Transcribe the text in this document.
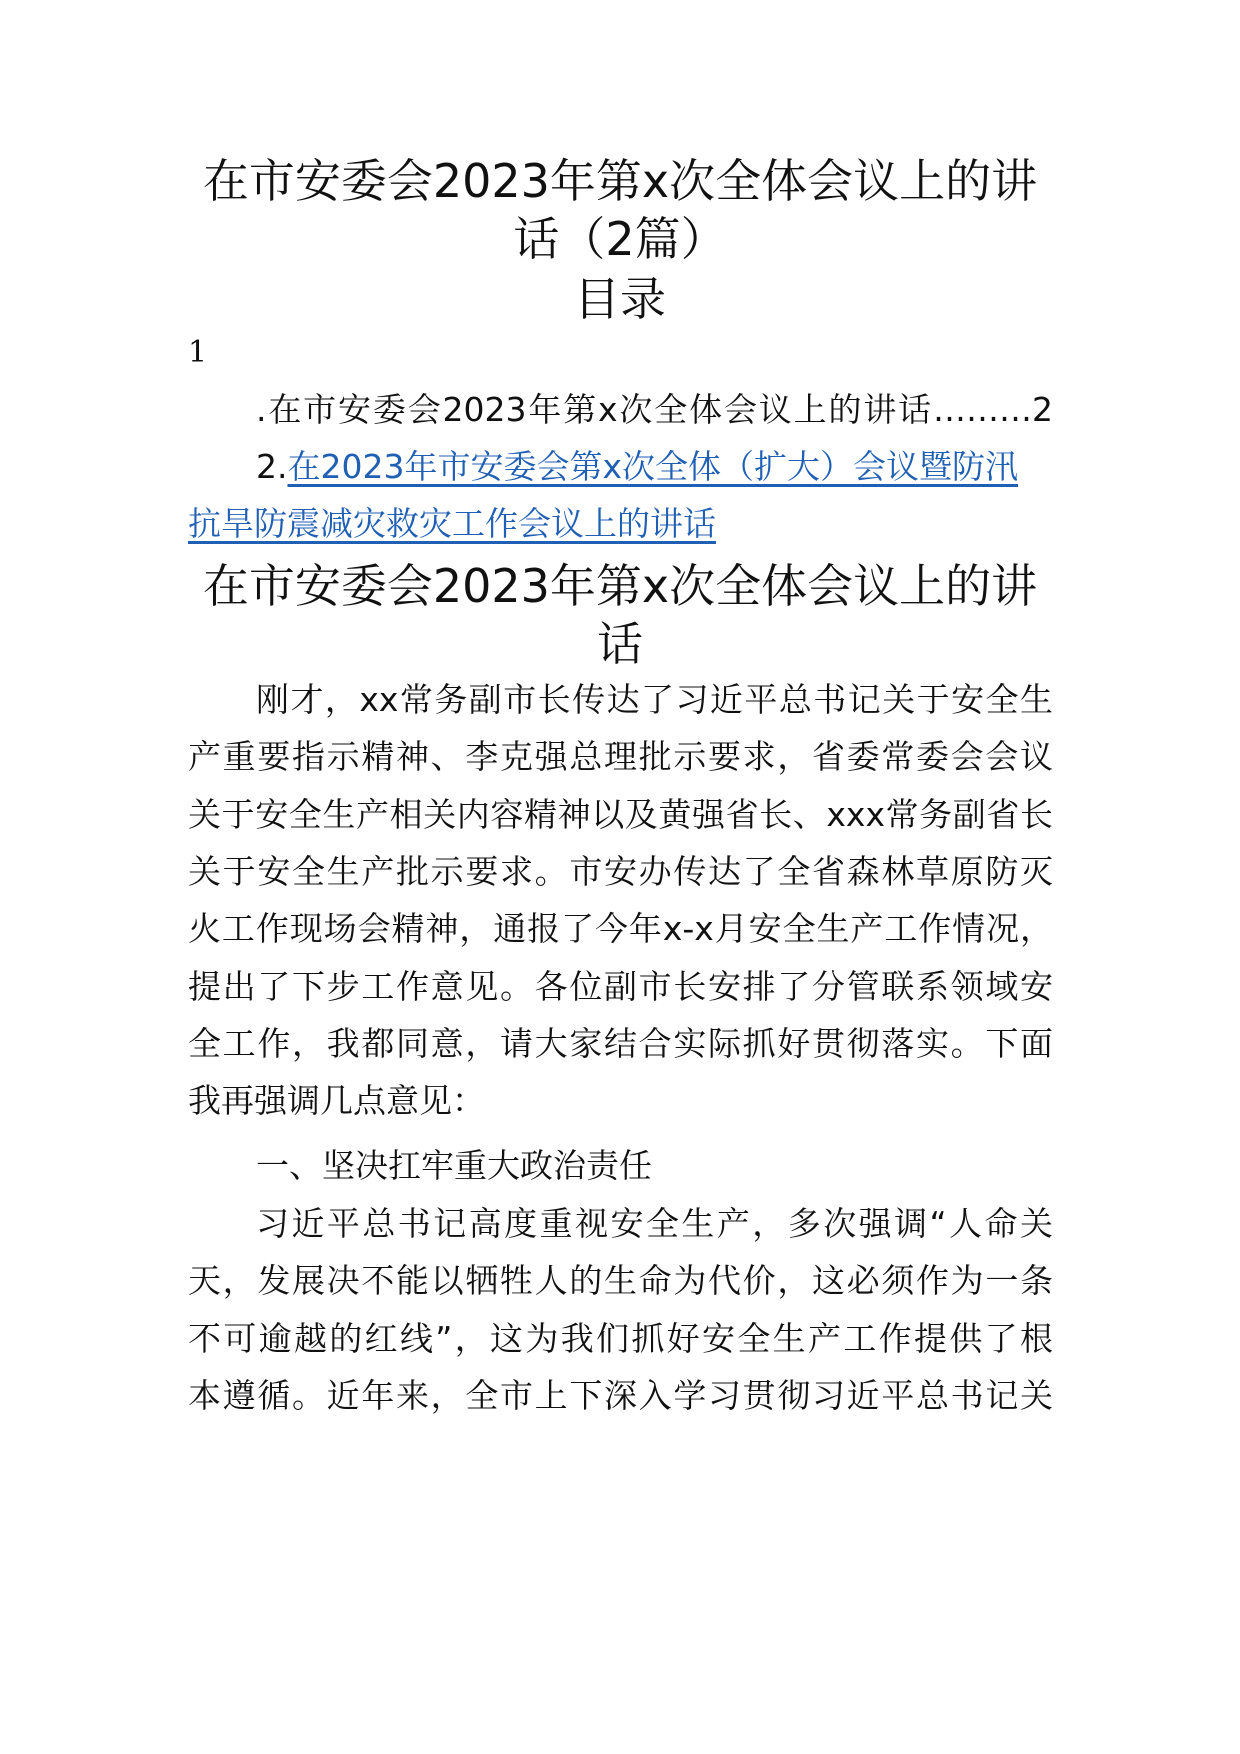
在市安委会2023年第x次全体会议上的讲
话（2篇）
目录
1
.在市安委会2023年第x次全体会议上的讲话………2
2.在2023年市安委会第x次全体（扩大）会议暨防汛
抗旱防震减灾救灾工作会议上的讲话
在市安委会2023年第x次全体会议上的讲
话
刚才，xx常务副市长传达了习近平总书记关于安全生
产重要指示精神、李克强总理批示要求，省委常委会会议
关于安全生产相关内容精神以及黄强省长、xxx常务副省长
关于安全生产批示要求。市安办传达了全省森林草原防灭
火工作现场会精神，通报了今年x-x月安全生产工作情况，
提出了下步工作意见。各位副市长安排了分管联系领域安
全工作，我都同意，请大家结合实际抓好贯彻落实。下面
我再强调几点意见：
一、坚决扛牢重大政治责任
习近平总书记高度重视安全生产，多次强调“人命关
天，发展决不能以牺牲人的生命为代价，这必须作为一条
不可逾越的红线”，这为我们抓好安全生产工作提供了根
本遵循。近年来，全市上下深入学习贯彻习近平总书记关
